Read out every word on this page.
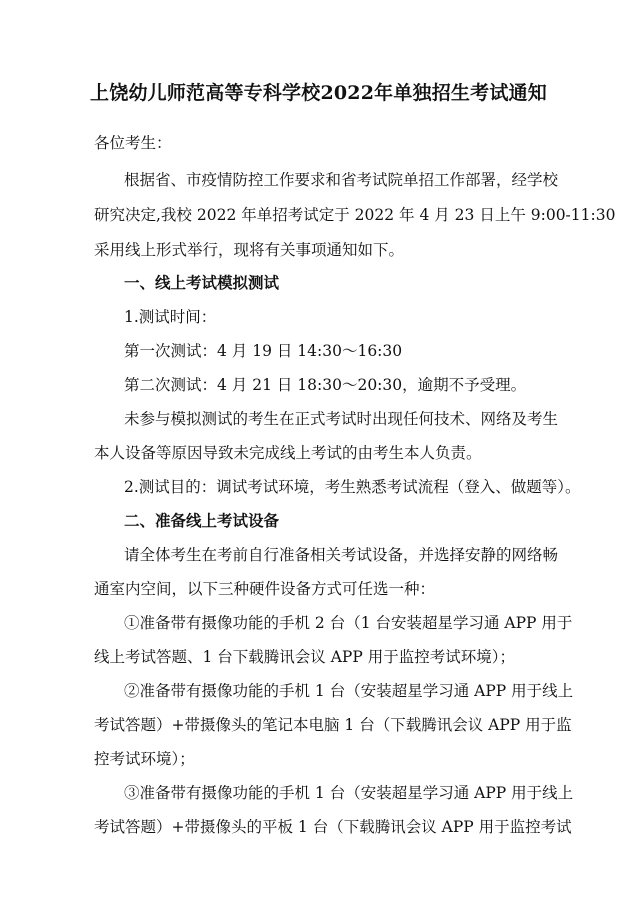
上饶幼儿师范高等专科学校2022年单独招生考试通知
各位考生：
根据省、市疫情防控工作要求和省考试院单招工作部署，经学校
研究决定,我校 2022 年单招考试定于 2022 年 4 月 23 日上午 9:00-11:30
采用线上形式举行，现将有关事项通知如下。
一、线上考试模拟测试
1.测试时间：
第一次测试：4 月 19 日 14:30～16:30
第二次测试：4 月 21 日 18:30～20:30，逾期不予受理。
未参与模拟测试的考生在正式考试时出现任何技术、网络及考生
本人设备等原因导致未完成线上考试的由考生本人负责。
2.测试目的：调试考试环境，考生熟悉考试流程（登入、做题等）。
二、准备线上考试设备
请全体考生在考前自行准备相关考试设备，并选择安静的网络畅
通室内空间，以下三种硬件设备方式可任选一种：
①准备带有摄像功能的手机 2 台（1 台安装超星学习通 APP 用于
线上考试答题、1 台下载腾讯会议 APP 用于监控考试环境）；
②准备带有摄像功能的手机 1 台（安装超星学习通 APP 用于线上
考试答题）+带摄像头的笔记本电脑 1 台（下载腾讯会议 APP 用于监
控考试环境）；
③准备带有摄像功能的手机 1 台（安装超星学习通 APP 用于线上
考试答题）+带摄像头的平板 1 台（下载腾讯会议 APP 用于监控考试
